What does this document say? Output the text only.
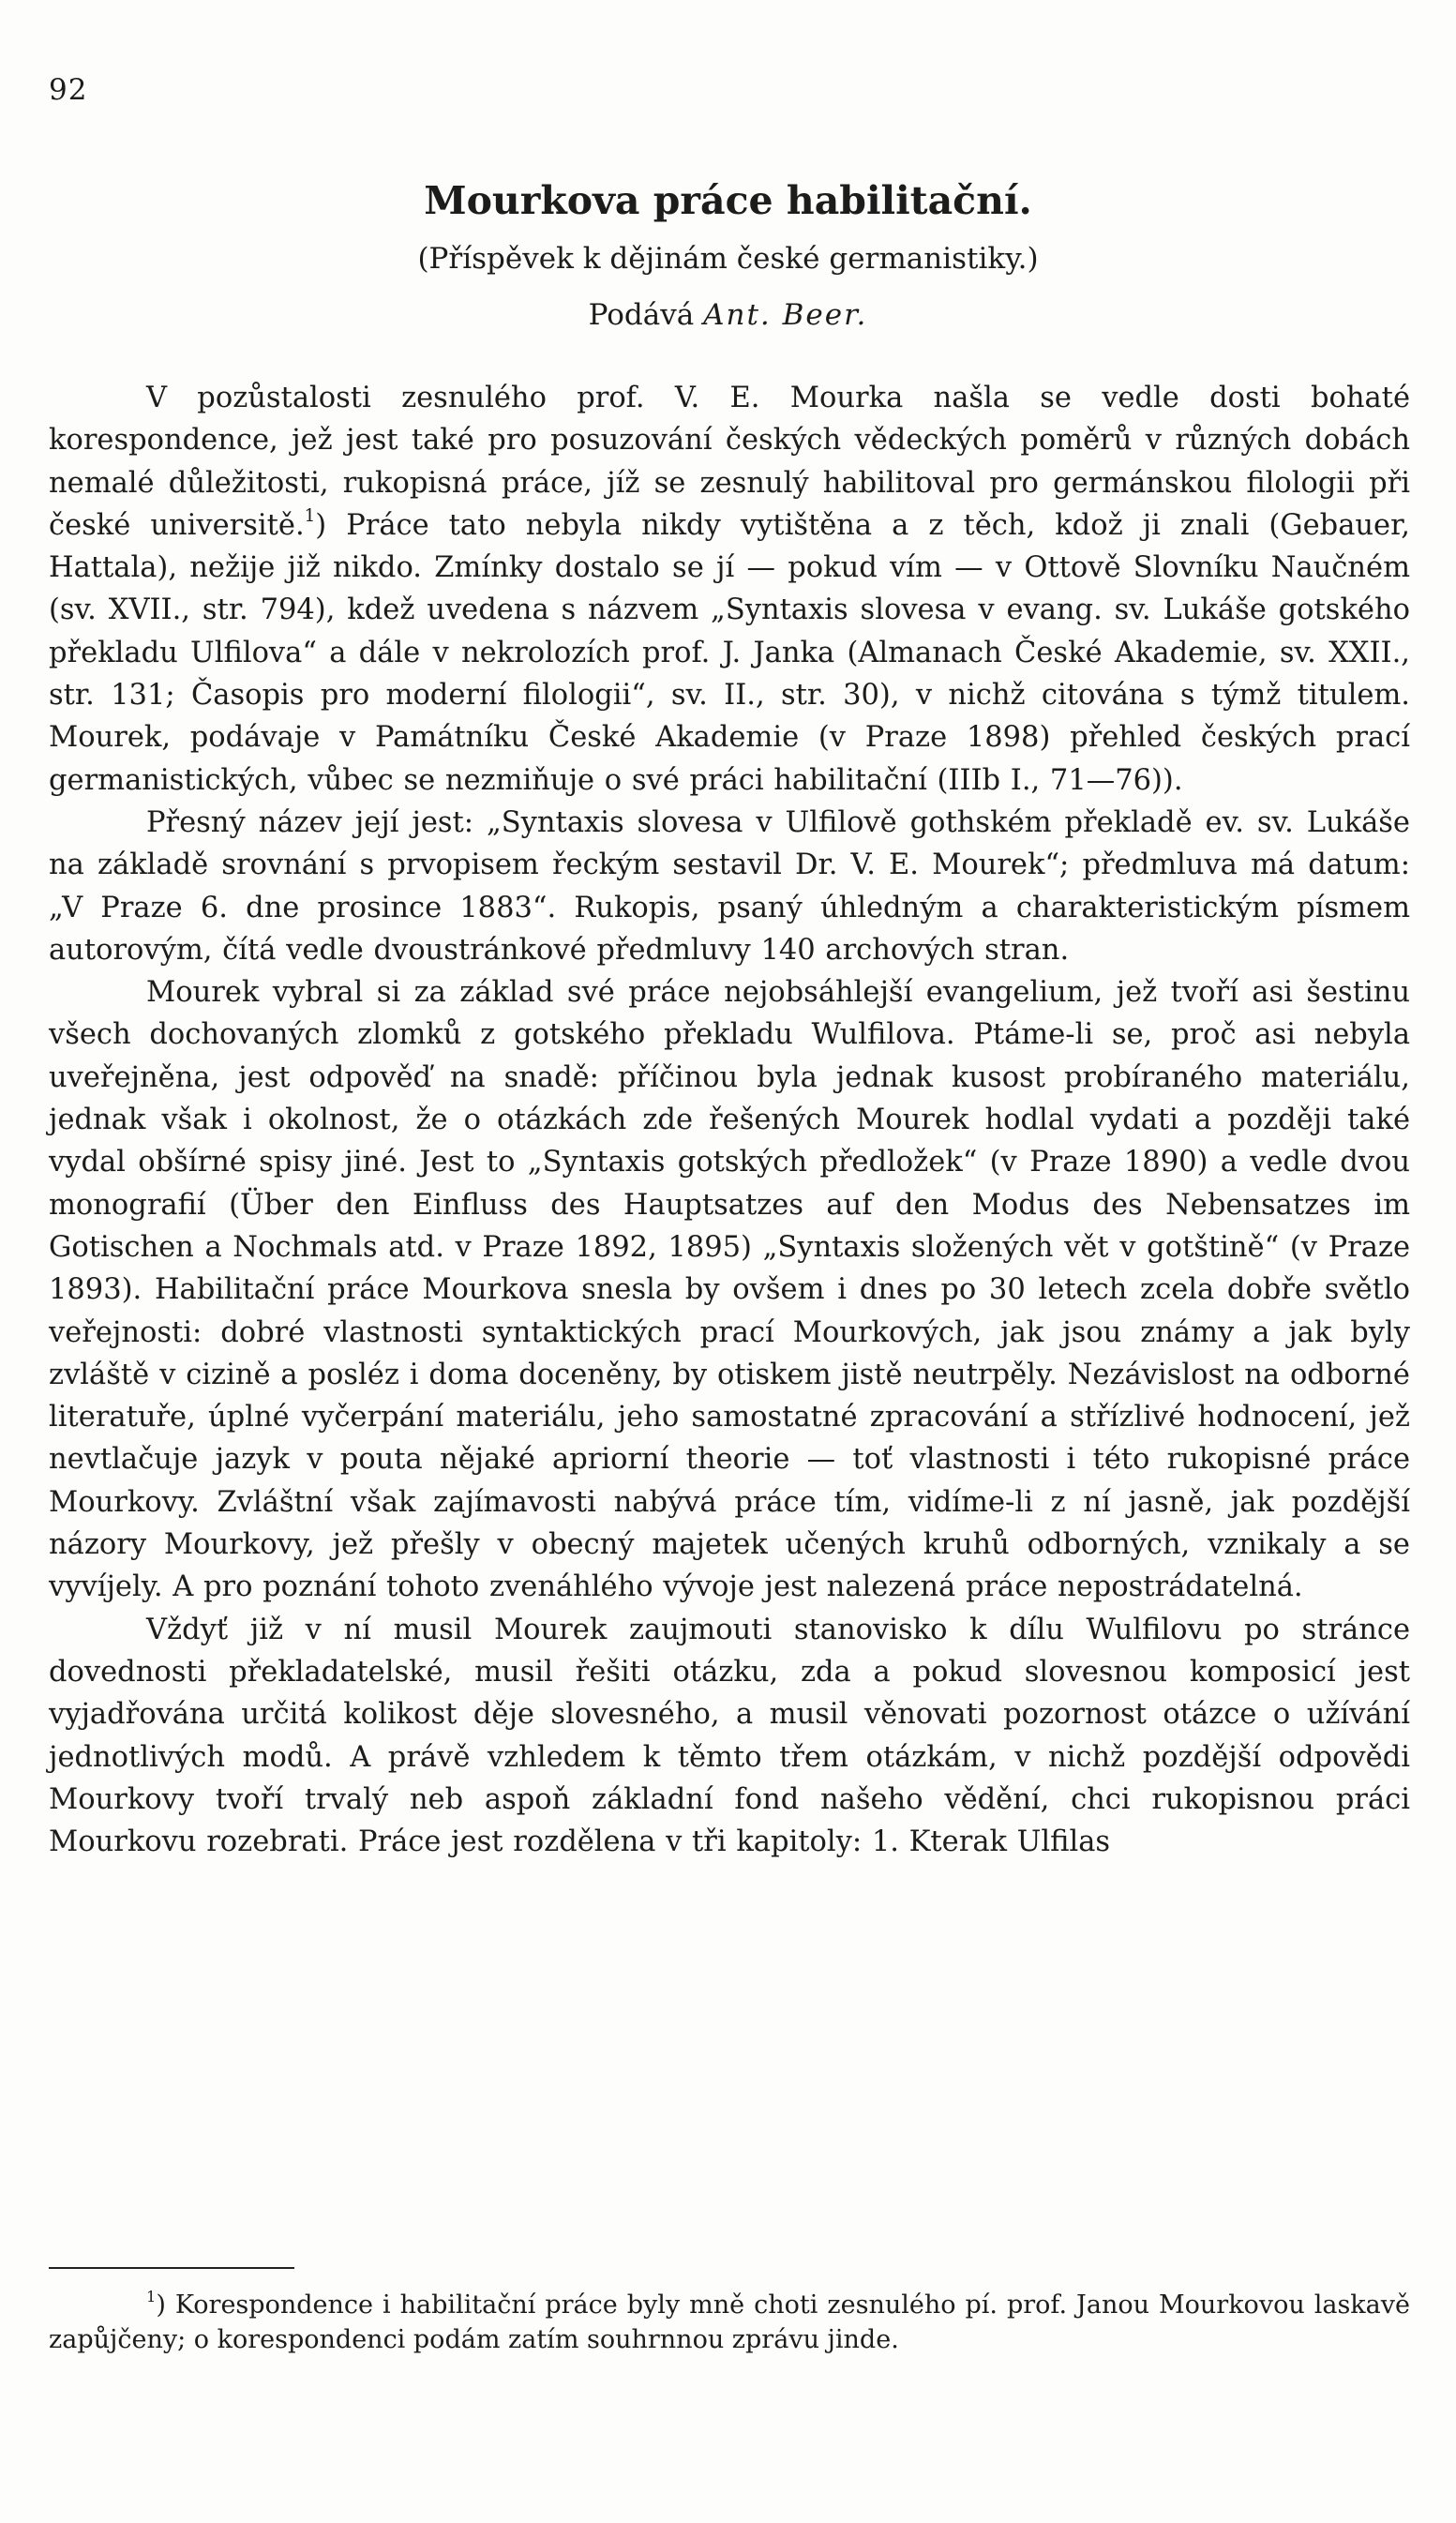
92
Mourkova práce habilitační.
(Příspěvek k dějinám české germanistiky.)
Podává Ant. Beer.

V pozůstalosti zesnulého prof. V. E. Mourka našla se vedle dosti bohaté korespondence, jež jest také pro posuzování českých vědeckých poměrů v různých dobách nemalé důležitosti, rukopisná práce, jíž se zesnulý habilitoval pro germánskou filologii při české universitě.$^1$) Práce tato nebyla nikdy vytištěna a z těch, kdož ji znali (Gebauer, Hattala), nežije již nikdo. Zmínky dostalo se jí — pokud vím — v Ottově Slovníku Naučném (sv. XVII., str. 794), kdež uvedena s názvem „Syntaxis slovesa v evang. sv. Lukáše gotského překladu Ulfilova“ a dále v nekrolozích prof. J. Janka (Almanach České Akademie, sv. XXII., str. 131; Časopis pro moderní filologii“, sv. II., str. 30), v nichž citována s týmž titulem. Mourek, podávaje v Památníku České Akademie (v Praze 1898) přehled českých prací germanistických, vůbec se nezmiňuje o své práci habilitační (IIIb I., 71—76)).

Přesný název její jest: „Syntaxis slovesa v Ulfilově gothském překladě ev. sv. Lukáše na základě srovnání s prvopisem řeckým sestavil Dr. V. E. Mourek“; předmluva má datum: „V Praze 6. dne prosince 1883“. Rukopis, psaný úhledným a charakteristickým písmem autorovým, čítá vedle dvoustránkové předmluvy 140 archových stran.

Mourek vybral si za základ své práce nejobsáhlejší evangelium, jež tvoří asi šestinu všech dochovaných zlomků z gotského překladu Wulfilova. Ptáme-li se, proč asi nebyla uveřejněna, jest odpověď na snadě: příčinou byla jednak kusost probíraného materiálu, jednak však i okolnost, že o otázkách zde řešených Mourek hodlal vydati a později také vydal obšírné spisy jiné. Jest to „Syntaxis gotských předložek“ (v Praze 1890) a vedle dvou monografií (Über den Einfluss des Hauptsatzes auf den Modus des Nebensatzes im Gotischen a Nochmals atd. v Praze 1892, 1895) „Syntaxis složených vět v gotštině“ (v Praze 1893). Habilitační práce Mourkova snesla by ovšem i dnes po 30 letech zcela dobře světlo veřejnosti: dobré vlastnosti syntaktických prací Mourkových, jak jsou známy a jak byly zvláště v cizině a posléz i doma doceněny, by otiskem jistě neutrpěly. Nezávislost na odborné literatuře, úplné vyčerpání materiálu, jeho samostatné zpracování a střízlivé hodnocení, jež nevtlačuje jazyk v pouta nějaké apriorní theorie — toť vlastnosti i této rukopisné práce Mourkovy. Zvláštní však zajímavosti nabývá práce tím, vidíme-li z ní jasně, jak pozdější názory Mourkovy, jež přešly v obecný majetek učených kruhů odborných, vznikaly a se vyvíjely. A pro poznání tohoto zvenáhlého vývoje jest nalezená práce nepostrádatelná.

Vždyť již v ní musil Mourek zaujmouti stanovisko k dílu Wulfilovu po stránce dovednosti překladatelské, musil řešiti otázku, zda a pokud slovesnou komposicí jest vyjadřována určitá kolikost děje slovesného, a musil věnovati pozornost otázce o užívání jednotlivých modů. A právě vzhledem k těmto třem otázkám, v nichž pozdější odpovědi Mourkovy tvoří trvalý neb aspoň základní fond našeho vědění, chci rukopisnou práci Mourkovu rozebrati. Práce jest rozdělena v tři kapitoly: 1. Kterak Ulfilas

$^1$) Korespondence i habilitační práce byly mně choti zesnulého pí. prof. Janou Mourkovou laskavě zapůjčeny; o korespondenci podám zatím souhrnnou zprávu jinde.
